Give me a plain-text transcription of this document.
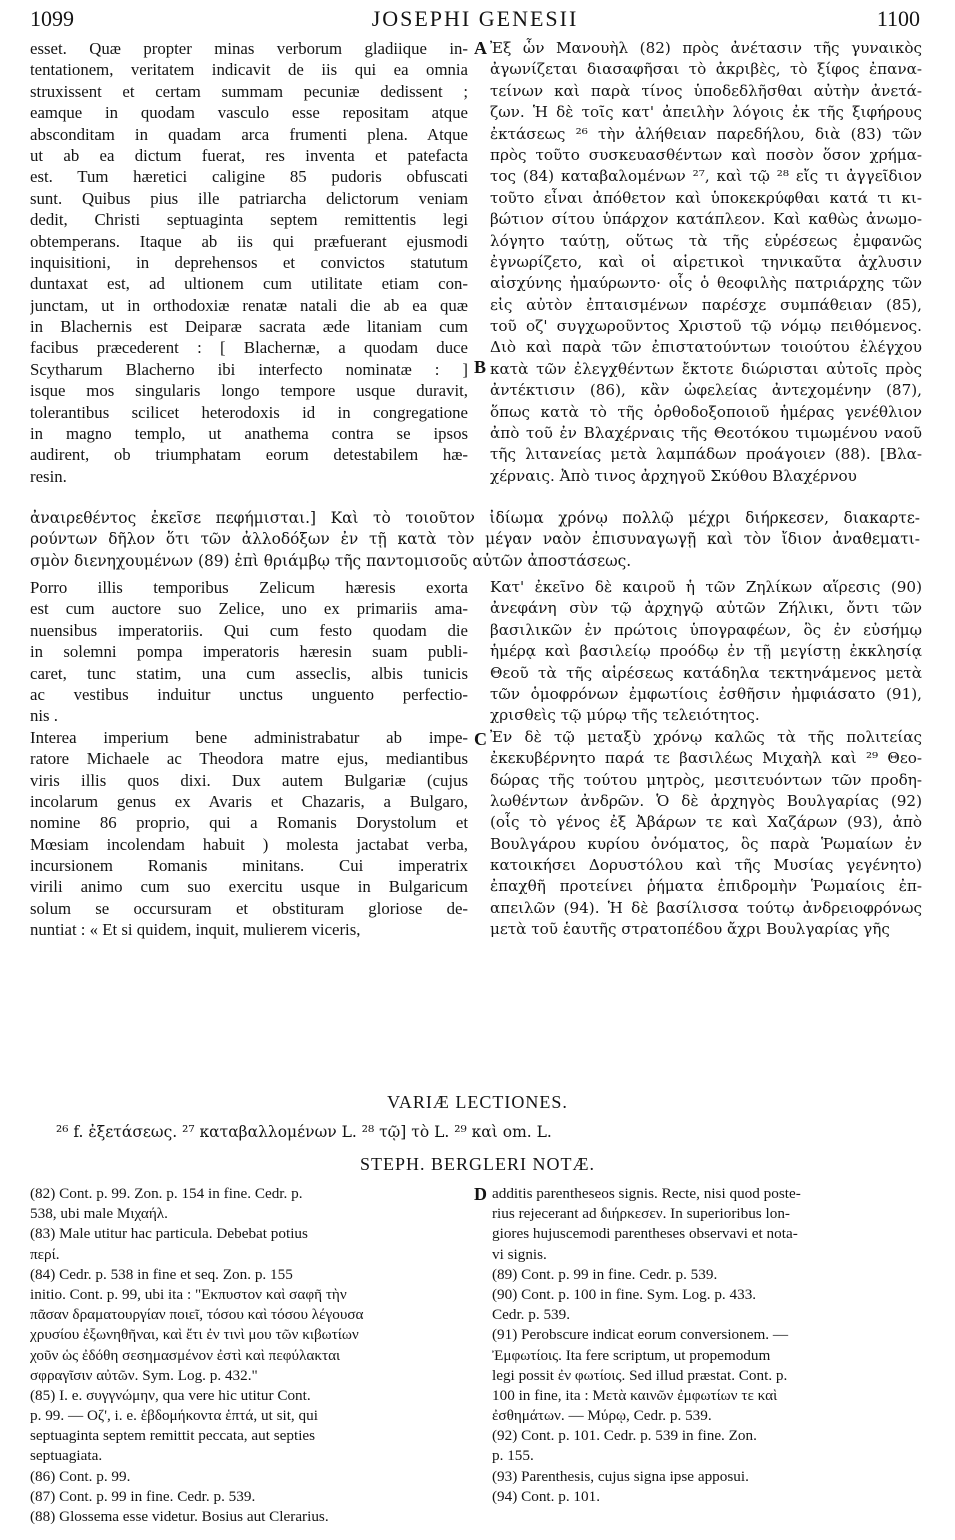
1099	JOSEPHI GENESII	1100
esset. Quæ propter minas verborum gladiique in-
tentationem, veritatem indicavit de iis qui ea omnia
struxissent et certam summam pecuniæ dedissent ;
eamque in quodam vasculo esse repositam atque
absconditam in quadam arca frumenti plena. Atque
ut ab ea dictum fuerat, res inventa et patefacta
est. Tum hæretici caligine 85 pudoris obfuscati
sunt. Quibus pius ille patriarcha delictorum veniam
dedit, Christi septuaginta septem remittentis legi
obtemperans. Itaque ab iis qui præfuerant ejusmodi
inquisitioni, in deprehensos et convictos statutum
duntaxat est, ad ultionem cum utilitate etiam con-
junctam, ut in orthodoxiæ renatæ natali die ab ea quæ
in Blachernis est Deiparæ sacrata æde litaniam cum
facibus præcederent : [ Blachernæ, a quodam duce
Scytharum Blacherno ibi interfecto nominatæ : ]
isque mos singularis longo tempore usque duravit,
tolerantibus scilicet heterodoxis id in congregatione
in magno templo, ut anathema contra se ipsos
audirent, ob triumphatam eorum detestabilem hæ-
resin.
Ἐξ ὧν Μανουὴλ (82) πρὸς ἀνέτασιν τῆς γυναικὸς
ἀγωνίζεται διασαφῆσαι τὸ ἀκριβὲς, τὸ ξίφος ἐπανα-
τείνων καὶ παρὰ τίνος ὑποδεδλῆσθαι αὐτὴν ἀνετά-
ζων. Ἡ δὲ τοῖς κατ' ἀπειλὴν λόγοις ἐκ τῆς ξιφήρους
ἐκτάσεως ²⁶ τὴν ἀλήθειαν παρεδήλου, διὰ (83) τῶν
πρὸς τοῦτο συσκευασθέντων καὶ ποσὸν ὅσον χρήμα-
τος (84) καταβαλομένων ²⁷, καὶ τῷ ²⁸ εἴς τι ἀγγεῖδιον
τοῦτο εἶναι ἀπόθετον καὶ ὑποκεκρύφθαι κατά τι κι-
βώτιον σίτου ὑπάρχον κατάπλεον. Καὶ καθὼς ἀνωμο-
λόγητο ταύτῃ, οὕτως τὰ τῆς εὑρέσεως ἐμφανῶς
ἐγνωρίζετο, καὶ οἱ αἱρετικοὶ τηνικαῦτα ἀχλυσιν
αἰσχύνης ἠμαύρωντο· οἷς ὁ θεοφιλὴς πατριάρχης τῶν
εἰς αὐτὸν ἐπταισμένων παρέσχε συμπάθειαν (85),
τοῦ οζ' συγχωροῦντος Χριστοῦ τῷ νόμῳ πειθόμενος.
Διὸ καὶ παρὰ τῶν ἐπιστατούντων τοιούτου ἐλέγχου
κατὰ τῶν ἐλεγχθέντων ἔκτοτε διώρισται αὐτοῖς πρὸς
ἀντέκτισιν (86), κἂν ὠφελείας ἀντεχομένην (87),
ὅπως κατὰ τὸ τῆς ὀρθοδοξοποιοῦ ἡμέρας γενέθλιον
ἀπὸ τοῦ ἐν Βλαχέρναις τῆς Θεοτόκου τιμωμένου ναοῦ
τῆς λιτανείας μετὰ λαμπάδων προάγοιεν (88). [Βλα-
χέρναις. Ἀπὸ τινος ἀρχηγοῦ Σκύθου Βλαχέρνου
A
B
ἀναιρεθέντος ἐκεῖσε πεφήμισται.] Καὶ τὸ τοιοῦτον ἰδίωμα χρόνῳ πολλῷ μέχρι διήρκεσεν, διακαρτε-
ρούντων δῆλον ὅτι τῶν ἀλλοδόξων ἐν τῇ κατὰ τὸν μέγαν ναὸν ἐπισυναγωγῇ καὶ τὸν ἴδιον ἀναθεματι-
σμὸν διενηχουμένων (89) ἐπὶ θριάμβῳ τῆς παντομισοῦς αὐτῶν ἀποστάσεως.
Porro illis temporibus Zelicum hæresis exorta
est cum auctore suo Zelice, uno ex primariis ama-
nuensibus imperatoriis. Qui cum festo quodam die
in solemni pompa imperatoris hæresin suam publi-
caret, tunc statim, una cum asseclis, albis tunicis
ac vestibus induitur unctus unguento perfectio-
nis .
Interea imperium bene administrabatur ab impe-
ratore Michaele ac Theodora matre ejus, mediantibus
viris illis quos dixi. Dux autem Bulgariæ (cujus
incolarum genus ex Avaris et Chazaris, a Bulgaro,
nomine 86 proprio, qui a Romanis Dorystolum et
Mœsiam incolendam habuit ) molesta jactabat verba,
incursionem Romanis minitans. Cui imperatrix
virili animo cum suo exercitu usque in Bulgaricum
solum se occursuram et obstituram gloriose de-
nuntiat : « Et si quidem, inquit, mulierem viceris,
Κατ' ἐκεῖνο δὲ καιροῦ ἡ τῶν Ζηλίκων αἵρεσις (90)
ἀνεφάνη σὺν τῷ ἀρχηγῷ αὐτῶν Ζήλικι, ὄντι τῶν
βασιλικῶν ἐν πρώτοις ὑπογραφέων, ὃς ἐν εὐσήμῳ
ἡμέρᾳ καὶ βασιλείῳ προόδῳ ἐν τῇ μεγίστῃ ἐκκλησίᾳ
Θεοῦ τὰ τῆς αἱρέσεως κατάδηλα τεκτηνάμενος μετὰ
τῶν ὁμοφρόνων ἐμφωτίοις ἐσθῆσιν ἠμφιάσατο (91),
χρισθεὶς τῷ μύρῳ τῆς τελειότητος.
Ἐν δὲ τῷ μεταξὺ χρόνῳ καλῶς τὰ τῆς πολιτείας
ἐκεκυβέρνητο παρά τε βασιλέως Μιχαὴλ καὶ ²⁹ Θεο-
δώρας τῆς τούτου μητρὸς, μεσιτευόντων τῶν προδη-
λωθέντων ἀνδρῶν. Ὁ δὲ ἀρχηγὸς Βουλγαρίας (92)
(οἷς τὸ γένος ἐξ Ἀβάρων τε καὶ Χαζάρων (93), ἀπὸ
Βουλγάρου κυρίου ὀνόματος, ὃς παρὰ Ῥωμαίων ἐν
κατοικήσει Δορυστόλου καὶ τῆς Μυσίας γεγένητο)
ἐπαχθῆ προτείνει ῥήματα ἐπιδρομὴν Ῥωμαίοις ἐπ-
απειλῶν (94). Ἡ δὲ βασίλισσα τούτῳ ἀνδρειοφρόνως
μετὰ τοῦ ἑαυτῆς στρατοπέδου ἄχρι Βουλγαρίας γῆς
C
VARIÆ LECTIONES.
²⁶ f. ἐξετάσεως. ²⁷ καταβαλλομένων L. ²⁸ τῷ] τὸ L. ²⁹ καὶ om. L.
STEPH. BERGLERI NOTÆ.
(82) Cont. p. 99. Zon. p. 154 in fine. Cedr. p.
538, ubi male Μιχαήλ.
(83) Male utitur hac particula. Debebat potius
περί.
(84) Cedr. p. 538 in fine et seq. Zon. p. 155
initio. Cont. p. 99, ubi ita : "Εκπυστον καὶ σαφῆ τὴν
πᾶσαν δραματουργίαν ποιεῖ, τόσου καὶ τόσου λέγουσα
χρυσίου ἐξωνηθῆναι, καὶ ἔτι ἐν τινὶ μου τῶν κιβωτίων
χοῦν ὡς ἐδόθη σεσημασμένον ἐστὶ καὶ πεφύλακται
σφραγῖσιν αὐτῶν. Sym. Log. p. 432."
(85) I. e. συγγνώμην, qua vere hic utitur Cont.
p. 99. — Οζ', i. e. ἑβδομήκοντα ἑπτά, ut sit, qui
septuaginta septem remittit peccata, aut septies
septuagiata.
(86) Cont. p. 99.
(87) Cont. p. 99 in fine. Cedr. p. 539.
(88) Glossema esse videtur. Bosius aut Clerarius.
additis parentheseos signis. Recte, nisi quod poste-
rius rejecerant ad διήρκεσεν. In superioribus lon-
giores hujuscemodi parentheses observavi et nota-
vi signis.
(89) Cont. p. 99 in fine. Cedr. p. 539.
(90) Cont. p. 100 in fine. Sym. Log. p. 433.
Cedr. p. 539.
(91) Perobscure indicat eorum conversionem. —
Ἐμφωτίοις. Ita fere scriptum, ut propemodum
legi possit ἐν φωτίοις. Sed illud præstat. Cont. p.
100 in fine, ita : Μετὰ καινῶν ἐμφωτίων τε καὶ
ἐσθημάτων. — Μύρῳ, Cedr. p. 539.
(92) Cont. p. 101. Cedr. p. 539 in fine. Zon.
p. 155.
(93) Parenthesis, cujus signa ipse apposui.
(94) Cont. p. 101.
D
